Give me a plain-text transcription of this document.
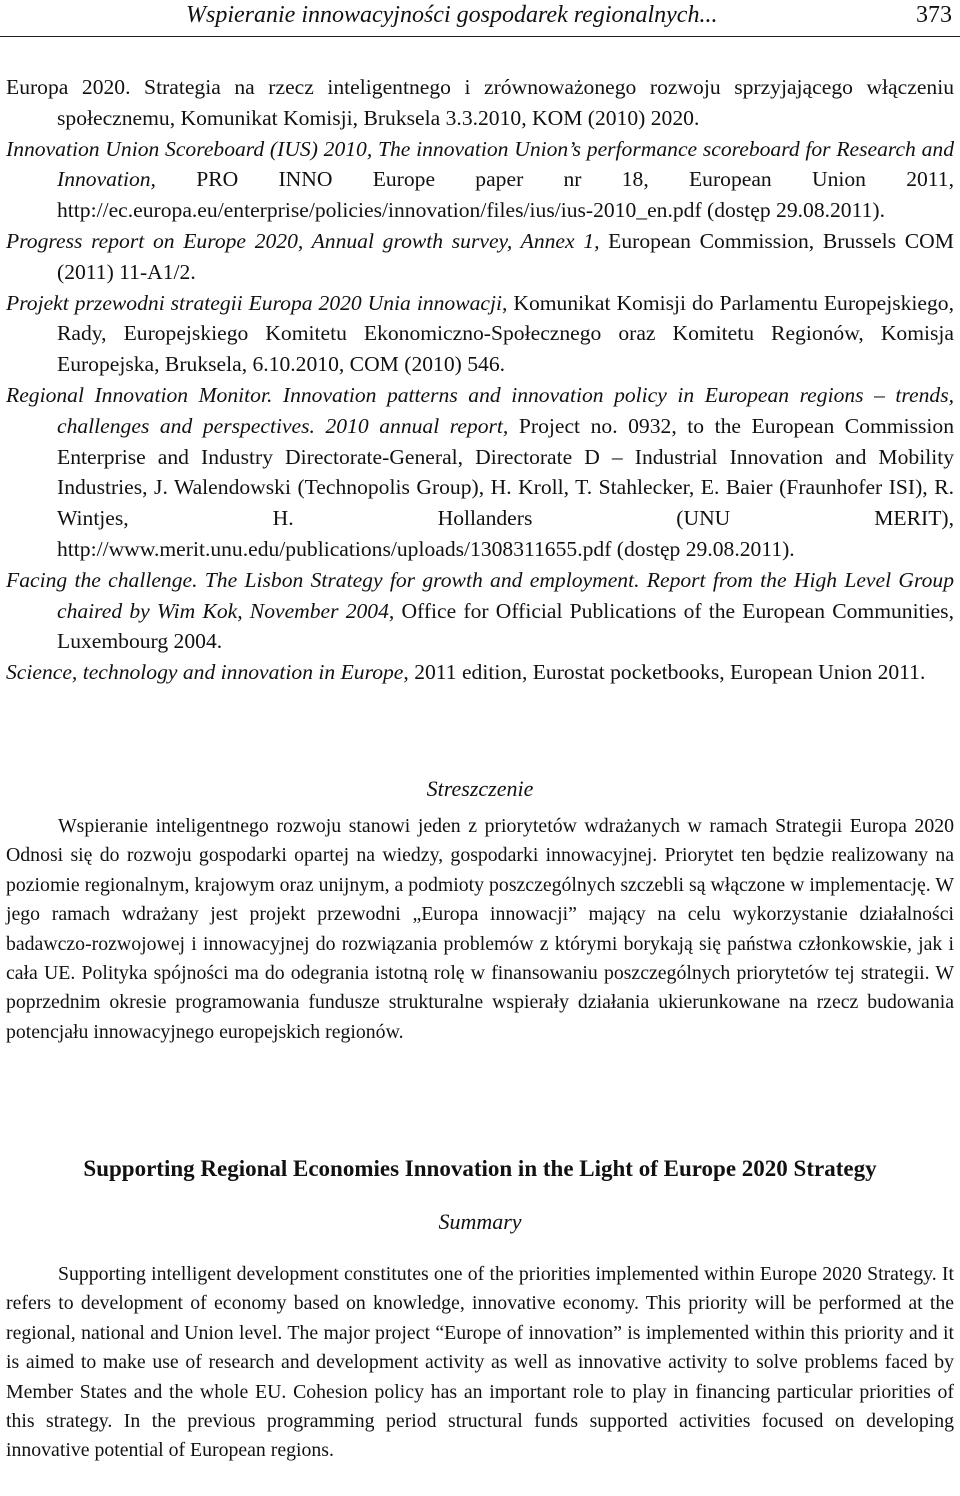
Wspieranie innowacyjności gospodarek regionalnych...	373
Europa 2020. Strategia na rzecz inteligentnego i zrównoważonego rozwoju sprzyjającego włączeniu społecznemu, Komunikat Komisji, Bruksela 3.3.2010, KOM (2010) 2020.
Innovation Union Scoreboard (IUS) 2010, The innovation Union’s performance scoreboard for Research and Innovation, PRO INNO Europe paper nr 18, European Union 2011, http://ec.europa.eu/enterprise/policies/innovation/files/ius/ius-2010_en.pdf (dostęp 29.08.2011).
Progress report on Europe 2020, Annual growth survey, Annex 1, European Commission, Brussels COM (2011) 11-A1/2.
Projekt przewodni strategii Europa 2020 Unia innowacji, Komunikat Komisji do Parlamentu Europejskiego, Rady, Europejskiego Komitetu Ekonomiczno-Społecznego oraz Komitetu Regionów, Komisja Europejska, Bruksela, 6.10.2010, COM (2010) 546.
Regional Innovation Monitor. Innovation patterns and innovation policy in European regions – trends, challenges and perspectives. 2010 annual report, Project no. 0932, to the European Commission Enterprise and Industry Directorate-General, Directorate D – Industrial Innovation and Mobility Industries, J. Walendowski (Technopolis Group), H. Kroll, T. Stahlecker, E. Baier (Fraunhofer ISI), R. Wintjes, H. Hollanders (UNU MERIT), http://www.merit.unu.edu/publications/uploads/1308311655.pdf (dostęp 29.08.2011).
Facing the challenge. The Lisbon Strategy for growth and employment. Report from the High Level Group chaired by Wim Kok, November 2004, Office for Official Publications of the European Communities, Luxembourg 2004.
Science, technology and innovation in Europe, 2011 edition, Eurostat pocketbooks, European Union 2011.
Streszczenie

Wspieranie inteligentnego rozwoju stanowi jeden z priorytetów wdrażanych w ramach Strategii Europa 2020 Odnosi się do rozwoju gospodarki opartej na wiedzy, gospodarki innowacyjnej. Priorytet ten będzie realizowany na poziomie regionalnym, krajowym oraz unijnym, a podmioty poszczególnych szczebli są włączone w implementację. W jego ramach wdrażany jest projekt przewodni „Europa innowacji” mający na celu wykorzystanie działalności badawczo-rozwojowej i innowacyjnej do rozwiązania problemów z którymi borykają się państwa członkowskie, jak i cała UE. Polityka spójności ma do odegrania istotną rolę w finansowaniu poszczególnych priorytetów tej strategii. W poprzednim okresie programowania fundusze strukturalne wspierały działania ukierunkowane na rzecz budowania potencjału innowacyjnego europejskich regionów.

Supporting Regional Economies Innovation in the Light of Europe 2020 Strategy
Summary

Supporting intelligent development constitutes one of the priorities implemented within Europe 2020 Strategy. It refers to development of economy based on knowledge, innovative economy. This priority will be performed at the regional, national and Union level. The major project “Europe of innovation” is implemented within this priority and it is aimed to make use of research and development activity as well as innovative activity to solve problems faced by Member States and the whole EU. Cohesion policy has an important role to play in financing particular priorities of this strategy. In the previous programming period structural funds supported activities focused on developing innovative potential of European regions.
